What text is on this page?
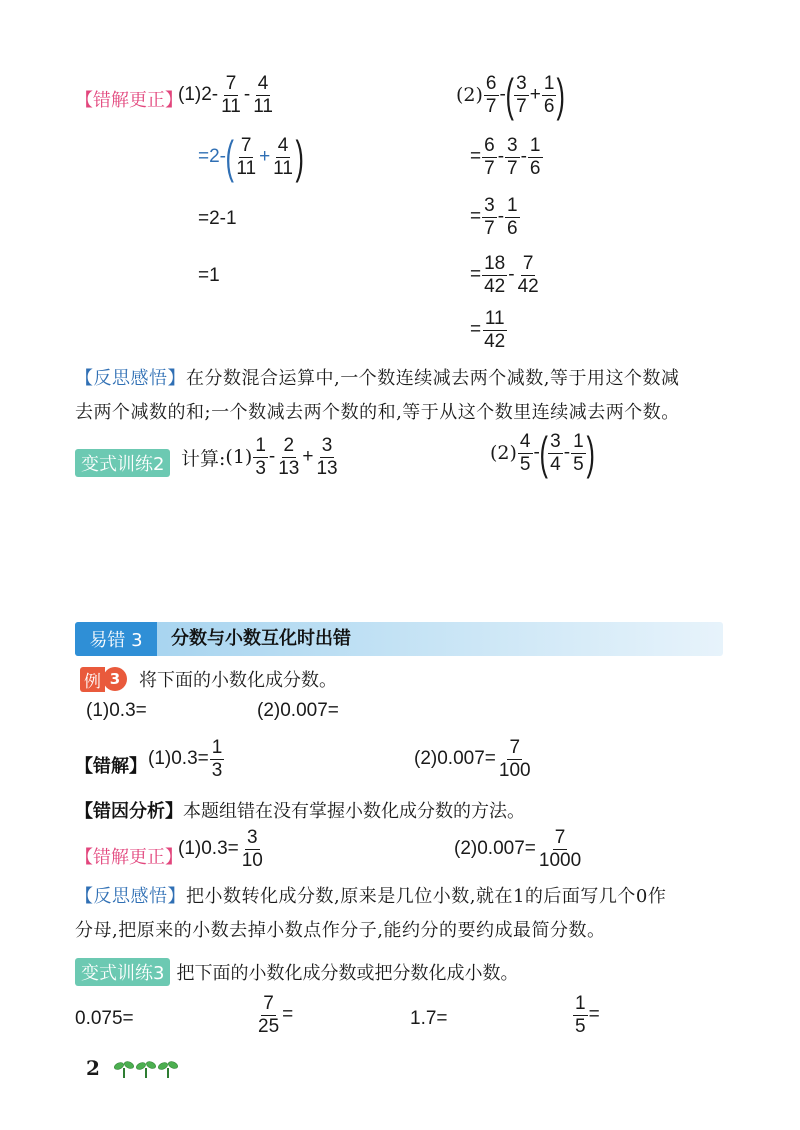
【错解更正】
$(1)2- \frac{7}{11} - \frac{4}{11}$
=2- ( $\frac{7}{11} + \frac{4}{11}$ )
=2-1
=1
$(2) \frac{6}{7}$ - ( $\frac{3}{7} + \frac{1}{6}$ )
= $\frac{6}{7} - \frac{3}{7} - \frac{1}{6}$
= $\frac{3}{7} - \frac{1}{6}$
= $\frac{18}{42} - \frac{7}{42}$
= $\frac{11}{42}$
【反思感悟】在分数混合运算中,一个数连续减去两个减数,等于用这个数减
去两个减数的和;一个数减去两个数的和,等于从这个数里连续减去两个数。
变式训练2 计算: $(1) \frac{1}{3} - \frac{2}{13} + \frac{3}{13}$	$(2) \frac{4}{5}$ - ( $\frac{3}{4} - \frac{1}{5}$ )
易错 3	分数与小数互化时出错
例 3	将下面的小数化成分数。
(1)0.3=	(2)0.007=
【错解】 $(1)0.3= \frac{1}{3}$	$(2)0.007= \frac{7}{100}$
【错因分析】本题组错在没有掌握小数化成分数的方法。
【错解更正】
$(1)0.3= \frac{3}{10}$	$(2)0.007= \frac{7}{1000}$
【反思感悟】把小数转化成分数,原来是几位小数,就在1的后面写几个0作
分母,把原来的小数去掉小数点作分子,能约分的要约成最简分数。
变式训练3 把下面的小数化成分数或把分数化成小数。
0.075=	$\frac{7}{25}$ =	1.7=	$\frac{1}{5}$ =
2
